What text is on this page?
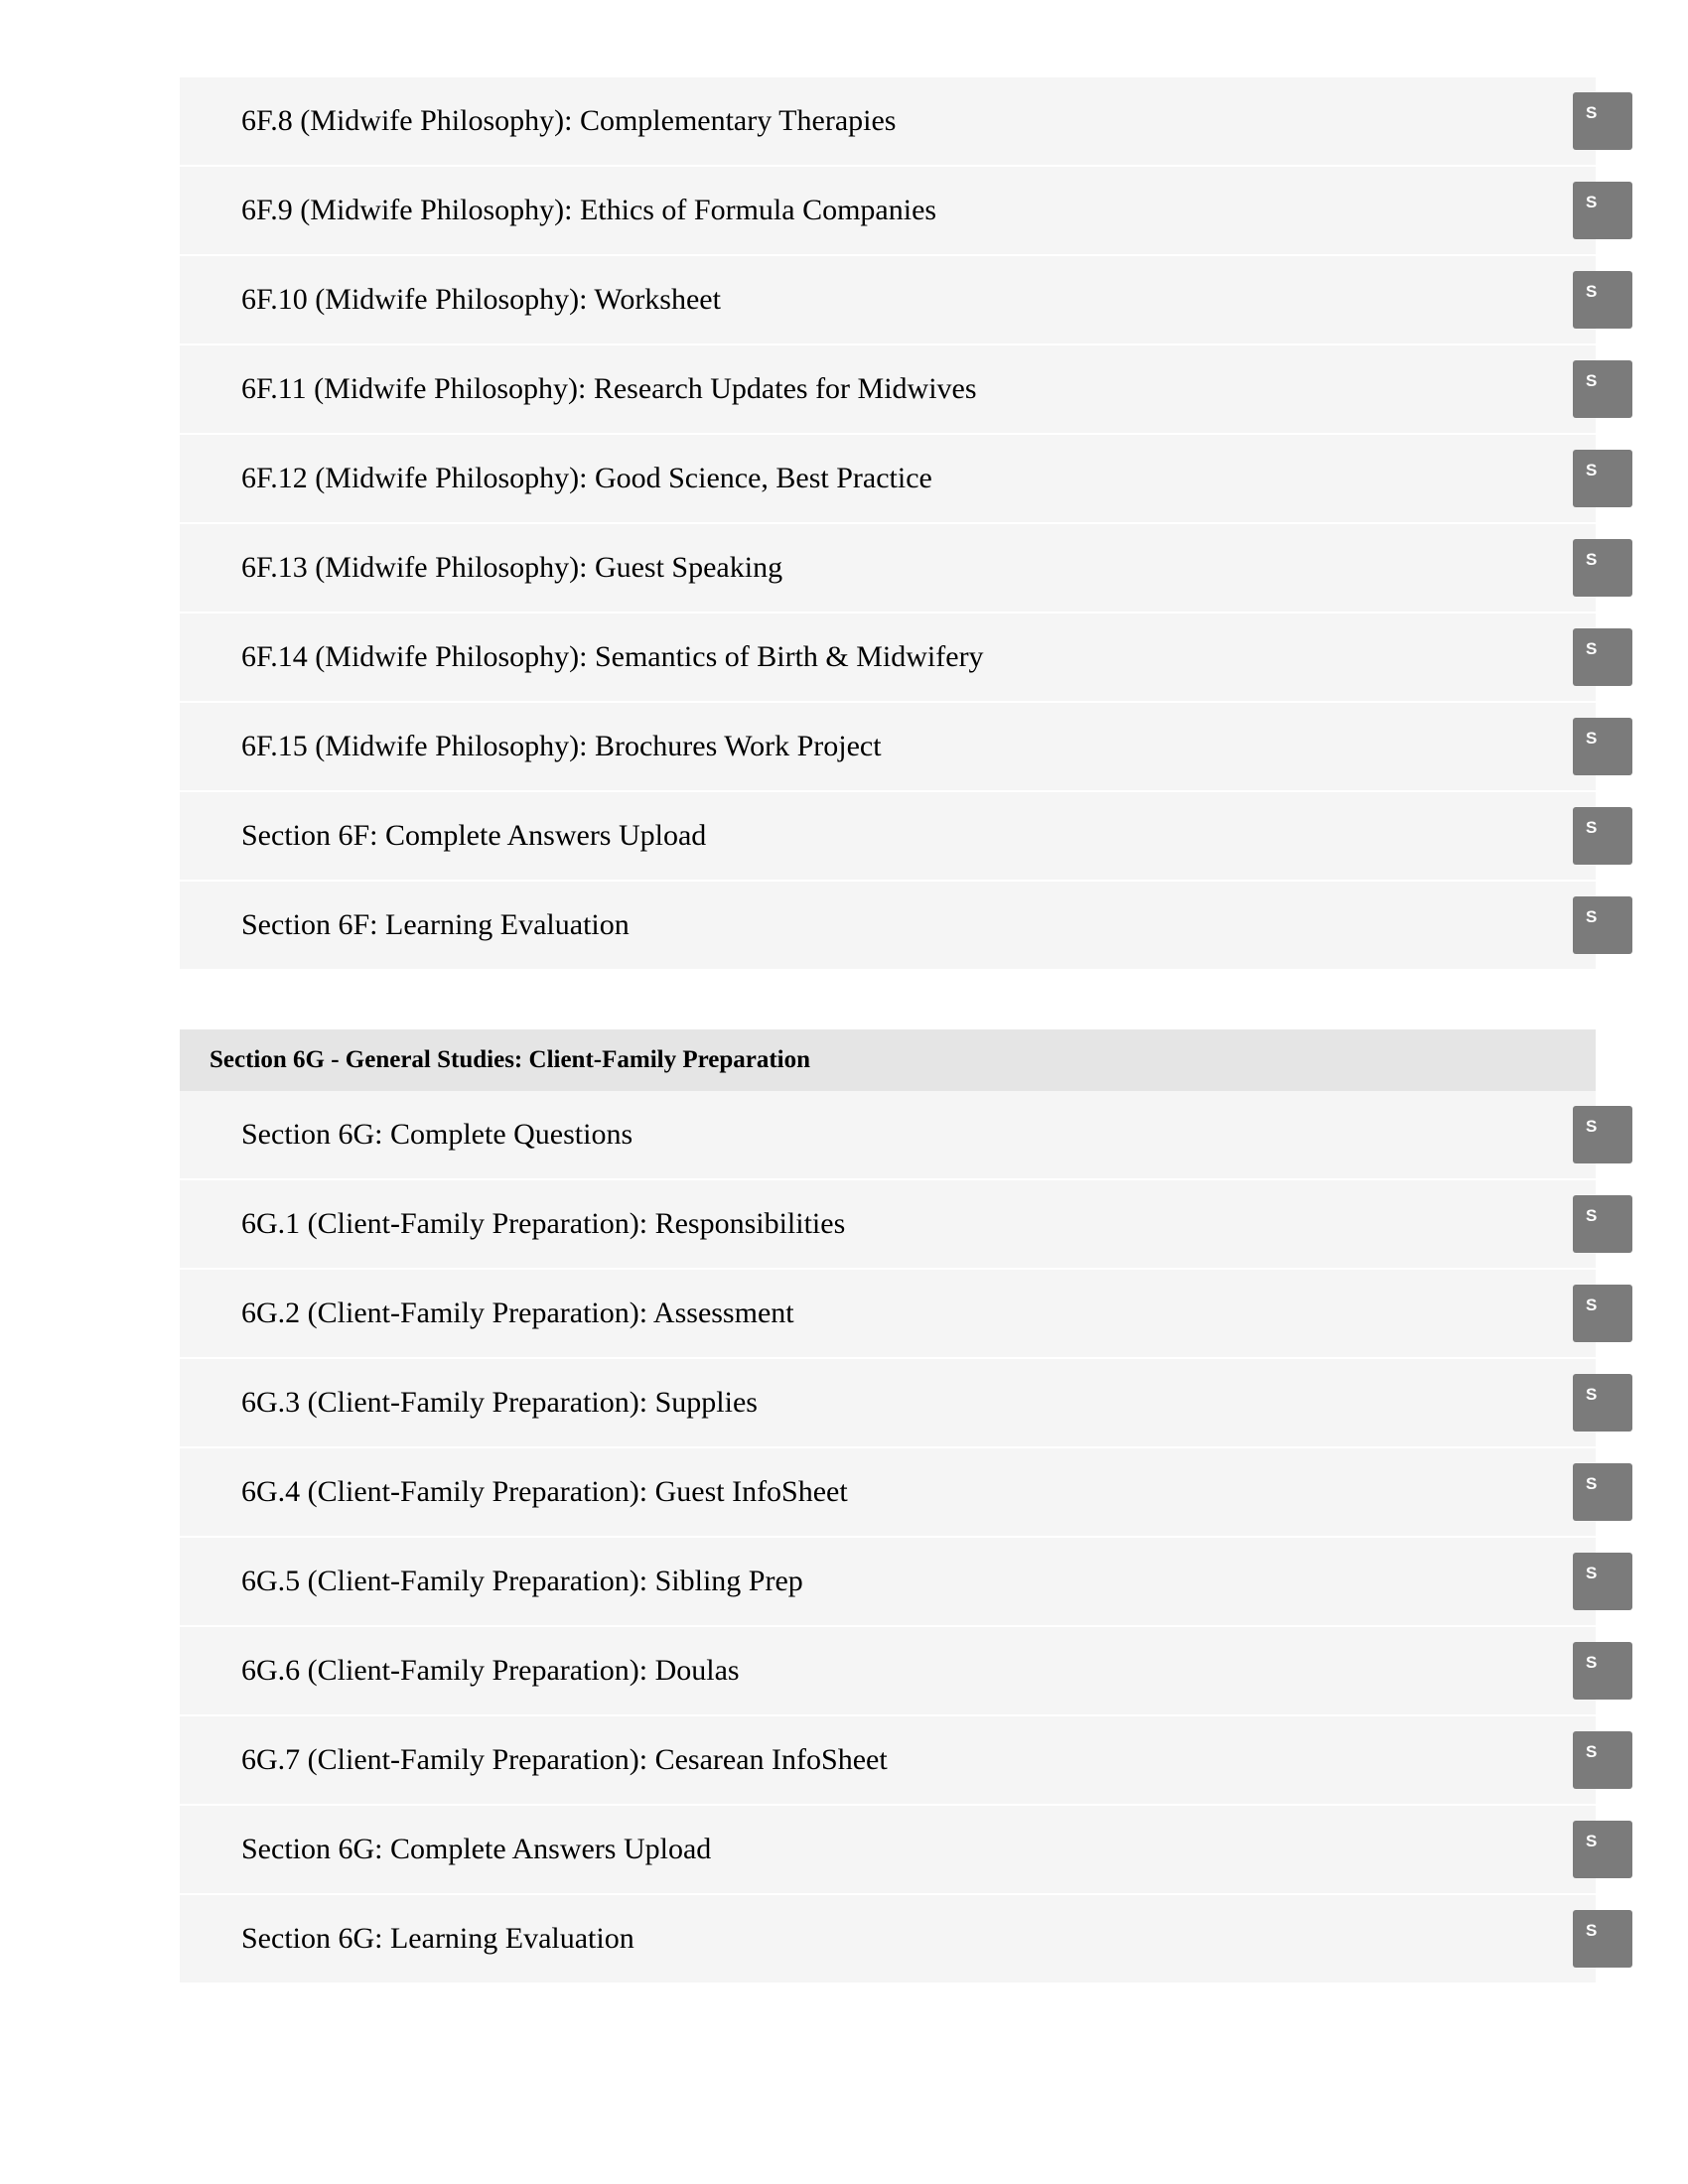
6F.8 (Midwife Philosophy): Complementary Therapies	S
6F.9 (Midwife Philosophy): Ethics of Formula Companies	S
6F.10 (Midwife Philosophy): Worksheet	S
6F.11 (Midwife Philosophy): Research Updates for Midwives	S
6F.12 (Midwife Philosophy): Good Science, Best Practice	S
6F.13 (Midwife Philosophy): Guest Speaking	S
6F.14 (Midwife Philosophy): Semantics of Birth & Midwifery	S
6F.15 (Midwife Philosophy): Brochures Work Project	S
Section 6F: Complete Answers Upload	S
Section 6F: Learning Evaluation	S
Section 6G - General Studies: Client-Family Preparation
Section 6G: Complete Questions	S
6G.1 (Client-Family Preparation): Responsibilities	S
6G.2 (Client-Family Preparation): Assessment	S
6G.3 (Client-Family Preparation): Supplies	S
6G.4 (Client-Family Preparation): Guest InfoSheet	S
6G.5 (Client-Family Preparation): Sibling Prep	S
6G.6 (Client-Family Preparation): Doulas	S
6G.7 (Client-Family Preparation): Cesarean InfoSheet	S
Section 6G: Complete Answers Upload	S
Section 6G: Learning Evaluation	S
